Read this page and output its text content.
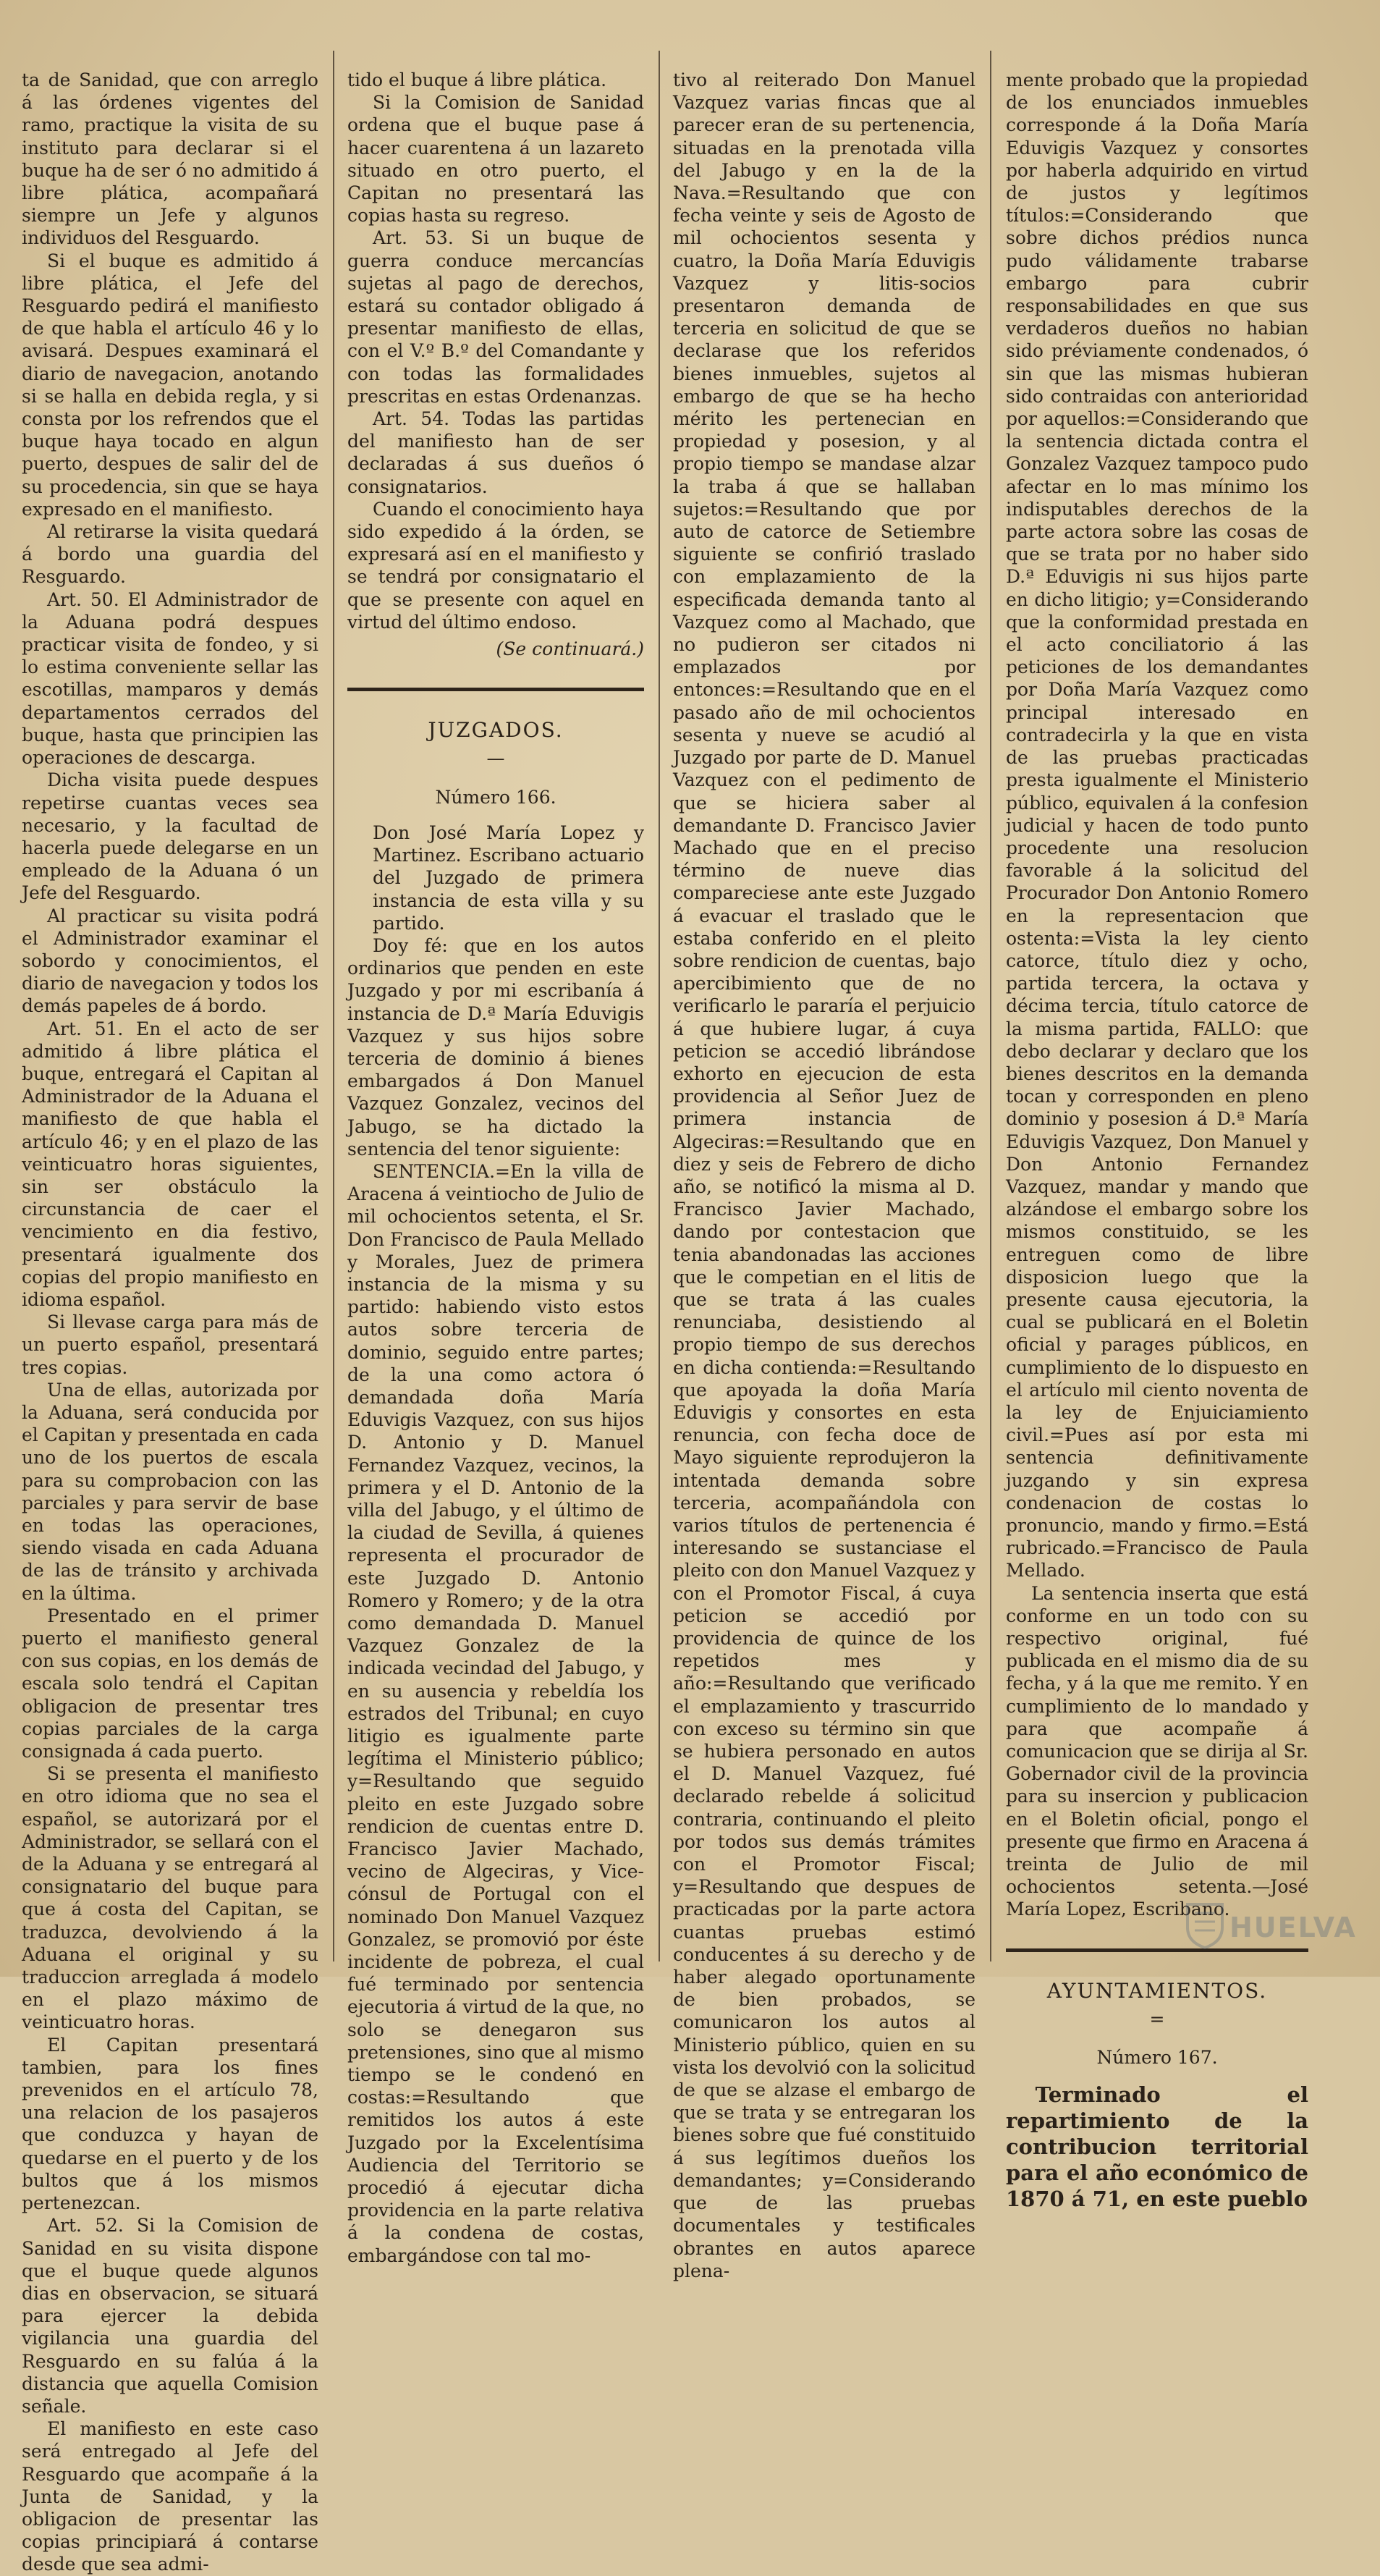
ta de Sanidad, que con arreglo á las órdenes vigentes del ramo, practique la visita de su instituto para declarar si el buque ha de ser ó no admitido á libre plática, acompañará siempre un Jefe y algunos individuos del Resguardo.

Si el buque es admitido á libre plática, el Jefe del Resguardo pedirá el manifiesto de que habla el artículo 46 y lo avisará. Despues examinará el diario de navegacion, anotando si se halla en debida regla, y si consta por los refrendos que el buque haya tocado en algun puerto, despues de salir del de su procedencia, sin que se haya expresado en el manifiesto.

Al retirarse la visita quedará á bordo una guardia del Resguardo.

Art. 50. El Administrador de la Aduana podrá despues practicar visita de fondeo, y si lo estima conveniente sellar las escotillas, mamparos y demás departamentos cerrados del buque, hasta que principien las operaciones de descarga.

Dicha visita puede despues repetirse cuantas veces sea necesario, y la facultad de hacerla puede delegarse en un empleado de la Aduana ó un Jefe del Resguardo.

Al practicar su visita podrá el Administrador examinar el sobordo y conocimientos, el diario de navegacion y todos los demás papeles de á bordo.

Art. 51. En el acto de ser admitido á libre plática el buque, entregará el Capitan al Administrador de la Aduana el manifiesto de que habla el artículo 46; y en el plazo de las veinticuatro horas siguientes, sin ser obstáculo la circunstancia de caer el vencimiento en dia festivo, presentará igualmente dos copias del propio manifiesto en idioma español.

Si llevase carga para más de un puerto español, presentará tres copias.

Una de ellas, autorizada por la Aduana, será conducida por el Capitan y presentada en cada uno de los puertos de escala para su comprobacion con las parciales y para servir de base en todas las operaciones, siendo visada en cada Aduana de las de tránsito y archivada en la última.

Presentado en el primer puerto el manifiesto general con sus copias, en los demás de escala solo tendrá el Capitan obligacion de presentar tres copias parciales de la carga consignada á cada puerto.

Si se presenta el manifiesto en otro idioma que no sea el español, se autorizará por el Administrador, se sellará con el de la Aduana y se entregará al consignatario del buque para que á costa del Capitan, se traduzca, devolviendo á la Aduana el original y su traduccion arreglada á modelo en el plazo máximo de veinticuatro horas.

El Capitan presentará tambien, para los fines prevenidos en el artículo 78, una relacion de los pasajeros que conduzca y hayan de quedarse en el puerto y de los bultos que á los mismos pertenezcan.

Art. 52. Si la Comision de Sanidad en su visita dispone que el buque quede algunos dias en observacion, se situará para ejercer la debida vigilancia una guardia del Resguardo en su falúa á la distancia que aquella Comision señale.

El manifiesto en este caso será entregado al Jefe del Resguardo que acompañe á la Junta de Sanidad, y la obligacion de presentar las copias principiará á contarse desde que sea admi-

tido el buque á libre plática.

Si la Comision de Sanidad ordena que el buque pase á hacer cuarentena á un lazareto situado en otro puerto, el Capitan no presentará las copias hasta su regreso.

Art. 53. Si un buque de guerra conduce mercancías sujetas al pago de derechos, estará su contador obligado á presentar manifiesto de ellas, con el V.º B.º del Comandante y con todas las formalidades prescritas en estas Ordenanzas.

Art. 54. Todas las partidas del manifiesto han de ser declaradas á sus dueños ó consignatarios.

Cuando el conocimiento haya sido expedido á la órden, se expresará así en el manifiesto y se tendrá por consignatario el que se presente con aquel en virtud del último endoso.

(Se continuará.)
JUZGADOS.
—
Número 166.

Don José María Lopez y Martinez. Escribano actuario del Juzgado de primera instancia de esta villa y su partido.

Doy fé: que en los autos ordinarios que penden en este Juzgado y por mi escribanía á instancia de D.ª María Eduvigis Vazquez y sus hijos sobre terceria de dominio á bienes embargados á Don Manuel Vazquez Gonzalez, vecinos del Jabugo, se ha dictado la sentencia del tenor siguiente:

SENTENCIA.=En la villa de Aracena á veintiocho de Julio de mil ochocientos setenta, el Sr. Don Francisco de Paula Mellado y Morales, Juez de primera instancia de la misma y su partido: habiendo visto estos autos sobre terceria de dominio, seguido entre partes; de la una como actora ó demandada doña María Eduvigis Vazquez, con sus hijos D. Antonio y D. Manuel Fernandez Vazquez, vecinos, la primera y el D. Antonio de la villa del Jabugo, y el último de la ciudad de Sevilla, á quienes representa el procurador de este Juzgado D. Antonio Romero y Romero; y de la otra como demandada D. Manuel Vazquez Gonzalez de la indicada vecindad del Jabugo, y en su ausencia y rebeldía los estrados del Tribunal; en cuyo litigio es igualmente parte legítima el Ministerio público; y=Resultando que seguido pleito en este Juzgado sobre rendicion de cuentas entre D. Francisco Javier Machado, vecino de Algeciras, y Vice-cónsul de Portugal con el nominado Don Manuel Vazquez Gonzalez, se promovió por éste incidente de pobreza, el cual fué terminado por sentencia ejecutoria á virtud de la que, no solo se denegaron sus pretensiones, sino que al mismo tiempo se le condenó en costas:=Resultando que remitidos los autos á este Juzgado por la Excelentísima Audiencia del Territorio se procedió á ejecutar dicha providencia en la parte relativa á la condena de costas, embargándose con tal mo-

tivo al reiterado Don Manuel Vazquez varias fincas que al parecer eran de su pertenencia, situadas en la prenotada villa del Jabugo y en la de la Nava.=Resultando que con fecha veinte y seis de Agosto de mil ochocientos sesenta y cuatro, la Doña María Eduvigis Vazquez y litis-socios presentaron demanda de terceria en solicitud de que se declarase que los referidos bienes inmuebles, sujetos al embargo de que se ha hecho mérito les pertenecian en propiedad y posesion, y al propio tiempo se mandase alzar la traba á que se hallaban sujetos:=Resultando que por auto de catorce de Setiembre siguiente se confirió traslado con emplazamiento de la especificada demanda tanto al Vazquez como al Machado, que no pudieron ser citados ni emplazados por entonces:=Resultando que en el pasado año de mil ochocientos sesenta y nueve se acudió al Juzgado por parte de D. Manuel Vazquez con el pedimento de que se hiciera saber al demandante D. Francisco Javier Machado que en el preciso término de nueve dias compareciese ante este Juzgado á evacuar el traslado que le estaba conferido en el pleito sobre rendicion de cuentas, bajo apercibimiento que de no verificarlo le pararía el perjuicio á que hubiere lugar, á cuya peticion se accedió librándose exhorto en ejecucion de esta providencia al Señor Juez de primera instancia de Algeciras:=Resultando que en diez y seis de Febrero de dicho año, se notificó la misma al D. Francisco Javier Machado, dando por contestacion que tenia abandonadas las acciones que le competian en el litis de que se trata á las cuales renunciaba, desistiendo al propio tiempo de sus derechos en dicha contienda:=Resultando que apoyada la doña María Eduvigis y consortes en esta renuncia, con fecha doce de Mayo siguiente reprodujeron la intentada demanda sobre terceria, acompañándola con varios títulos de pertenencia é interesando se sustanciase el pleito con don Manuel Vazquez y con el Promotor Fiscal, á cuya peticion se accedió por providencia de quince de los repetidos mes y año:=Resultando que verificado el emplazamiento y trascurrido con exceso su término sin que se hubiera personado en autos el D. Manuel Vazquez, fué declarado rebelde á solicitud contraria, continuando el pleito por todos sus demás trámites con el Promotor Fiscal; y=Resultando que despues de practicadas por la parte actora cuantas pruebas estimó conducentes á su derecho y de haber alegado oportunamente de bien probados, se comunicaron los autos al Ministerio público, quien en su vista los devolvió con la solicitud de que se alzase el embargo de que se trata y se entregaran los bienes sobre que fué constituido á sus legítimos dueños los demandantes; y=Considerando que de las pruebas documentales y testificales obrantes en autos aparece plena-

mente probado que la propiedad de los enunciados inmuebles corresponde á la Doña María Eduvigis Vazquez y consortes por haberla adquirido en virtud de justos y legítimos títulos:=Considerando que sobre dichos prédios nunca pudo válidamente trabarse embargo para cubrir responsabilidades en que sus verdaderos dueños no habian sido préviamente condenados, ó sin que las mismas hubieran sido contraidas con anterioridad por aquellos:=Considerando que la sentencia dictada contra el Gonzalez Vazquez tampoco pudo afectar en lo mas mínimo los indisputables derechos de la parte actora sobre las cosas de que se trata por no haber sido D.ª Eduvigis ni sus hijos parte en dicho litigio; y=Considerando que la conformidad prestada en el acto conciliatorio á las peticiones de los demandantes por Doña María Vazquez como principal interesado en contradecirla y la que en vista de las pruebas practicadas presta igualmente el Ministerio público, equivalen á la confesion judicial y hacen de todo punto procedente una resolucion favorable á la solicitud del Procurador Don Antonio Romero en la representacion que ostenta:=Vista la ley ciento catorce, título diez y ocho, partida tercera, la octava y décima tercia, título catorce de la misma partida, FALLO: que debo declarar y declaro que los bienes descritos en la demanda tocan y corresponden en pleno dominio y posesion á D.ª María Eduvigis Vazquez, Don Manuel y Don Antonio Fernandez Vazquez, mandar y mando que alzándose el embargo sobre los mismos constituido, se les entreguen como de libre disposicion luego que la presente causa ejecutoria, la cual se publicará en el Boletin oficial y parages públicos, en cumplimiento de lo dispuesto en el artículo mil ciento noventa de la ley de Enjuiciamiento civil.=Pues así por esta mi sentencia definitivamente juzgando y sin expresa condenacion de costas lo pronuncio, mando y firmo.=Está rubricado.=Francisco de Paula Mellado.

La sentencia inserta que está conforme en un todo con su respectivo original, fué publicada en el mismo dia de su fecha, y á la que me remito. Y en cumplimiento de lo mandado y para que acompañe á comunicacion que se dirija al Sr. Gobernador civil de la provincia para su insercion y publicacion en el Boletin oficial, pongo el presente que firmo en Aracena á treinta de Julio de mil ochocientos setenta.—José María Lopez, Escribano.

AYUNTAMIENTOS.
=
Número 167.

Terminado el repartimiento de la contribucion territorial para el año económico de 1870 á 71, en este pueblo

HUELVA
